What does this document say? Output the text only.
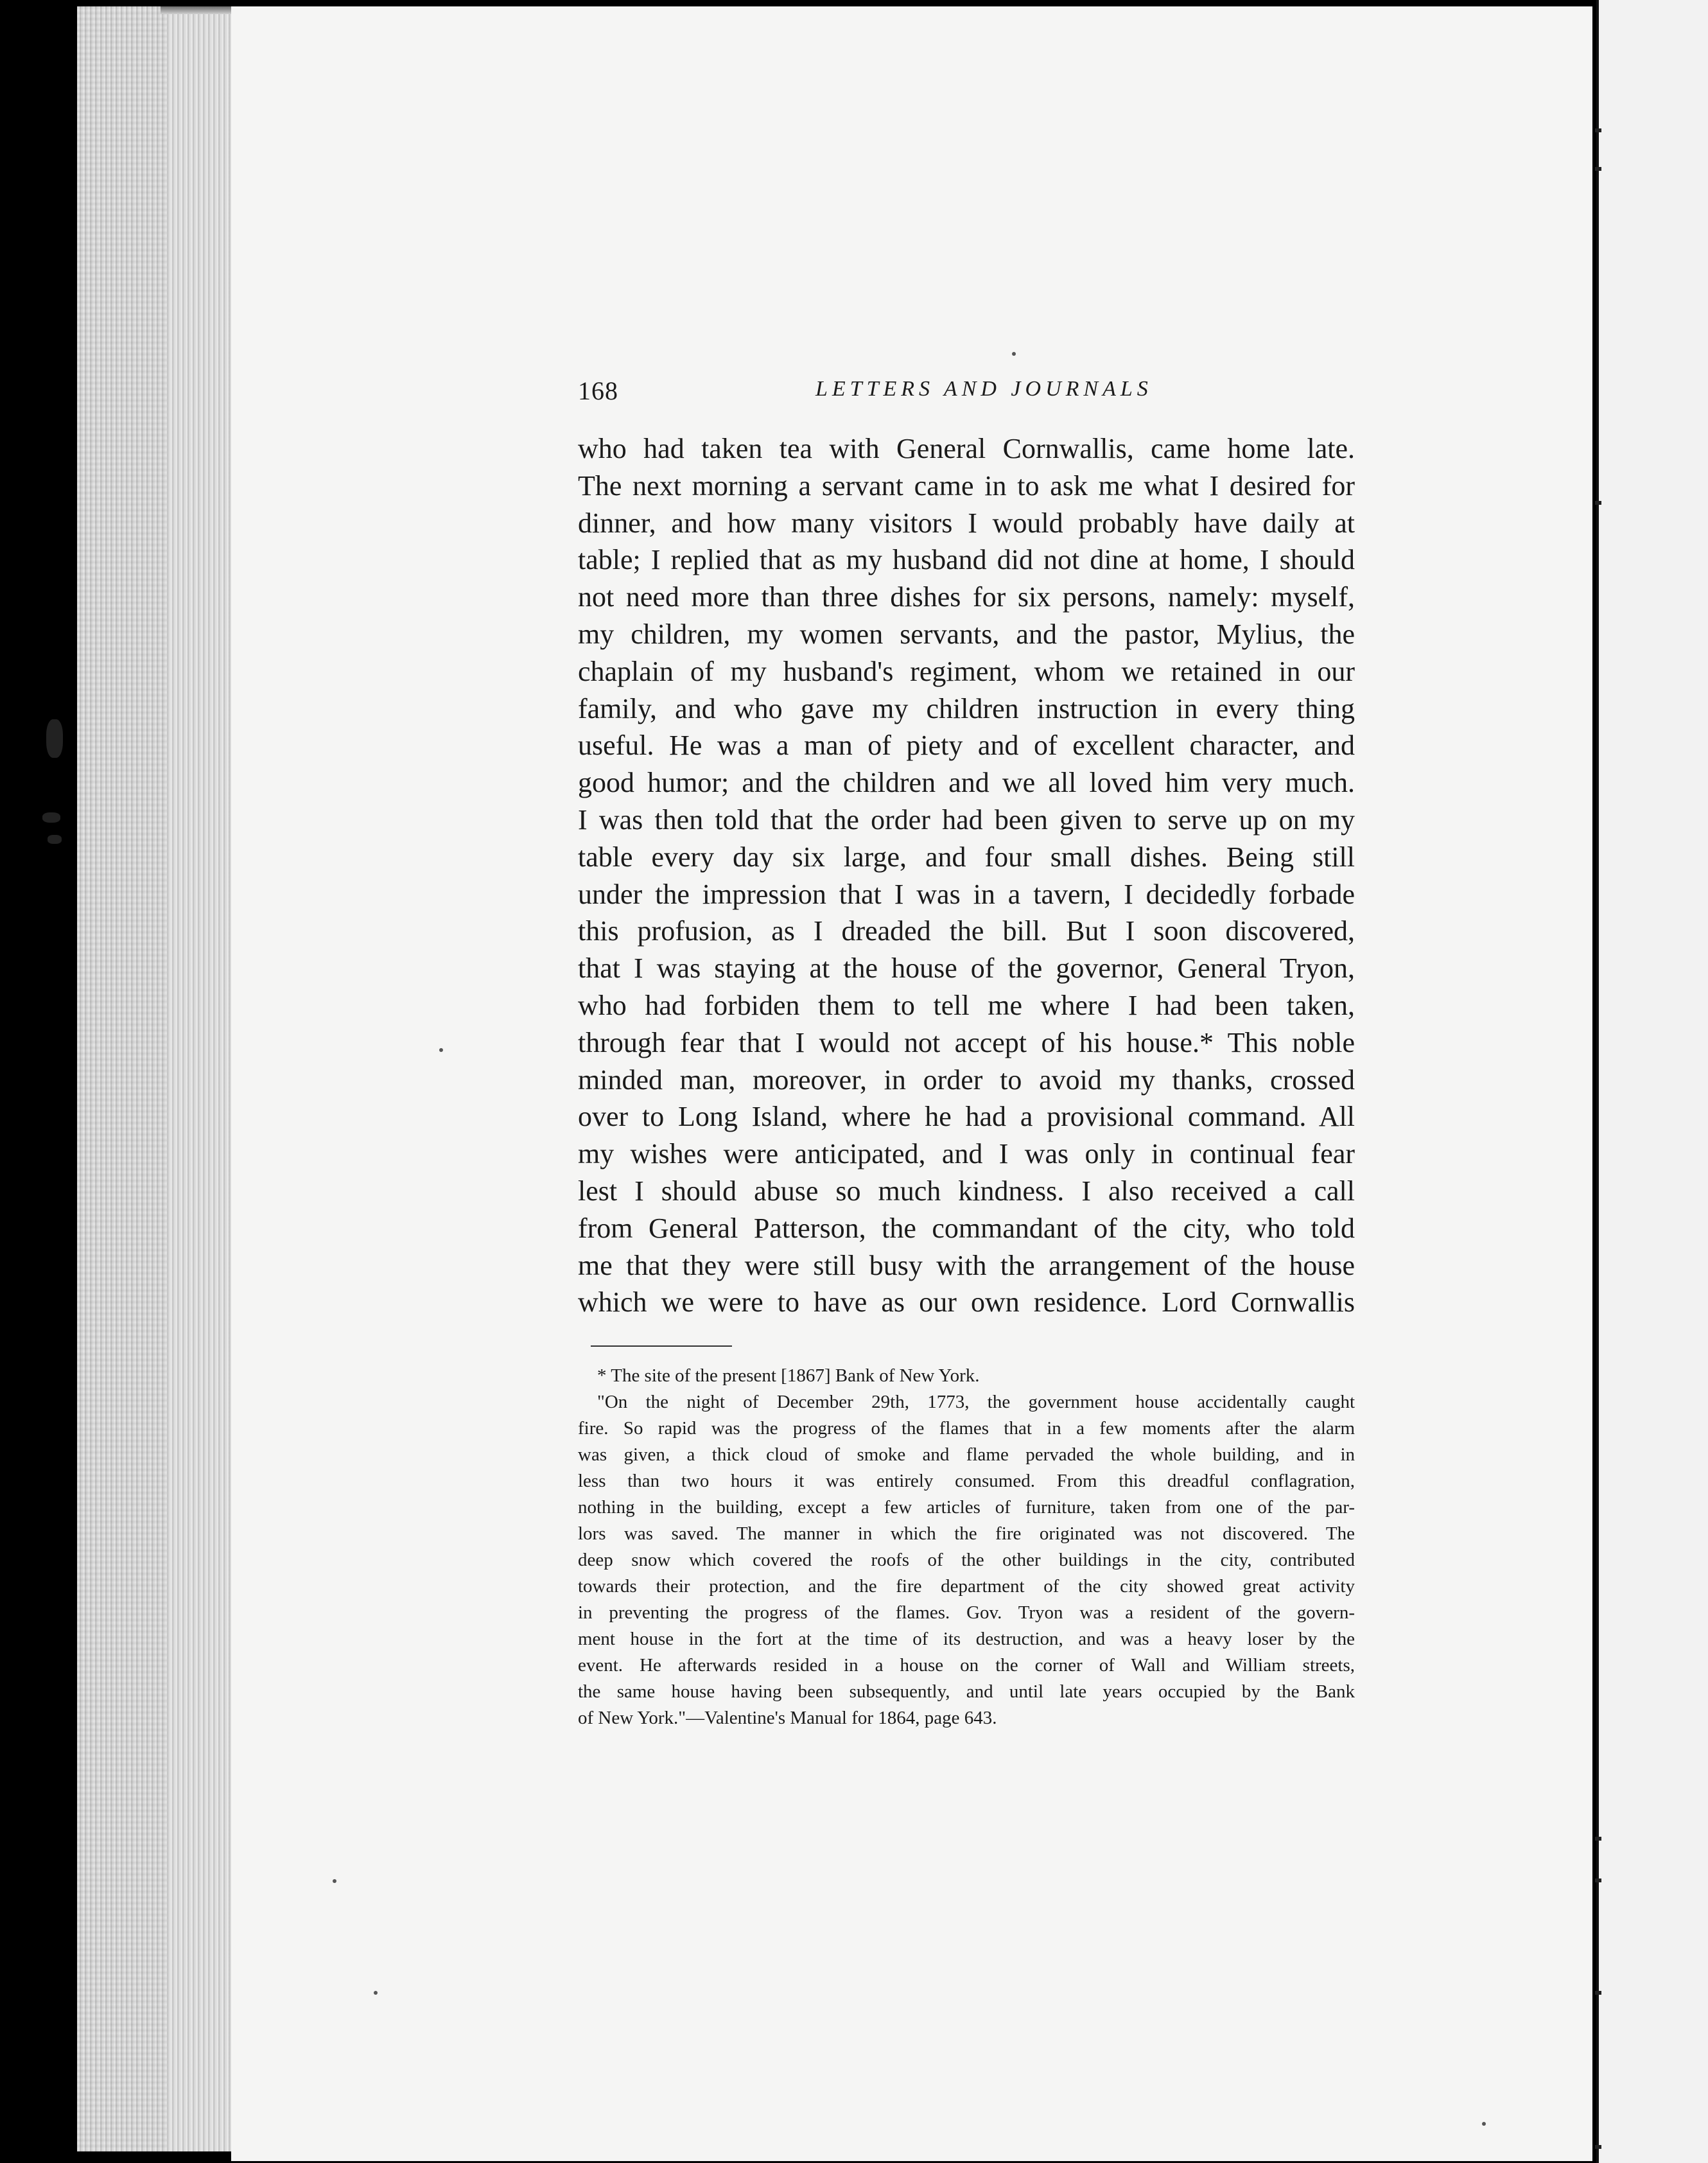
168	LETTERS AND JOURNALS
who had taken tea with General Cornwallis, came home late.
The next morning a servant came in to ask me what I desired for
dinner, and how many visitors I would probably have daily at
table; I replied that as my husband did not dine at home, I should
not need more than three dishes for six persons, namely: myself,
my children, my women servants, and the pastor, Mylius, the
chaplain of my husband's regiment, whom we retained in our
family, and who gave my children instruction in every thing
useful. He was a man of piety and of excellent character, and
good humor; and the children and we all loved him very much.
I was then told that the order had been given to serve up on my
table every day six large, and four small dishes. Being still
under the impression that I was in a tavern, I decidedly forbade
this profusion, as I dreaded the bill. But I soon discovered,
that I was staying at the house of the governor, General Tryon,
who had forbiden them to tell me where I had been taken,
through fear that I would not accept of his house.* This noble
minded man, moreover, in order to avoid my thanks, crossed
over to Long Island, where he had a provisional command. All
my wishes were anticipated, and I was only in continual fear
lest I should abuse so much kindness. I also received a call
from General Patterson, the commandant of the city, who told
me that they were still busy with the arrangement of the house
which we were to have as our own residence. Lord Cornwallis
* The site of the present [1867] Bank of New York.
"On the night of December 29th, 1773, the government house accidentally caught
fire. So rapid was the progress of the flames that in a few moments after the alarm
was given, a thick cloud of smoke and flame pervaded the whole building, and in
less than two hours it was entirely consumed. From this dreadful conflagration,
nothing in the building, except a few articles of furniture, taken from one of the par-
lors was saved. The manner in which the fire originated was not discovered. The
deep snow which covered the roofs of the other buildings in the city, contributed
towards their protection, and the fire department of the city showed great activity
in preventing the progress of the flames. Gov. Tryon was a resident of the govern-
ment house in the fort at the time of its destruction, and was a heavy loser by the
event. He afterwards resided in a house on the corner of Wall and William streets,
the same house having been subsequently, and until late years occupied by the Bank
of New York."—Valentine's Manual for 1864, page 643.
